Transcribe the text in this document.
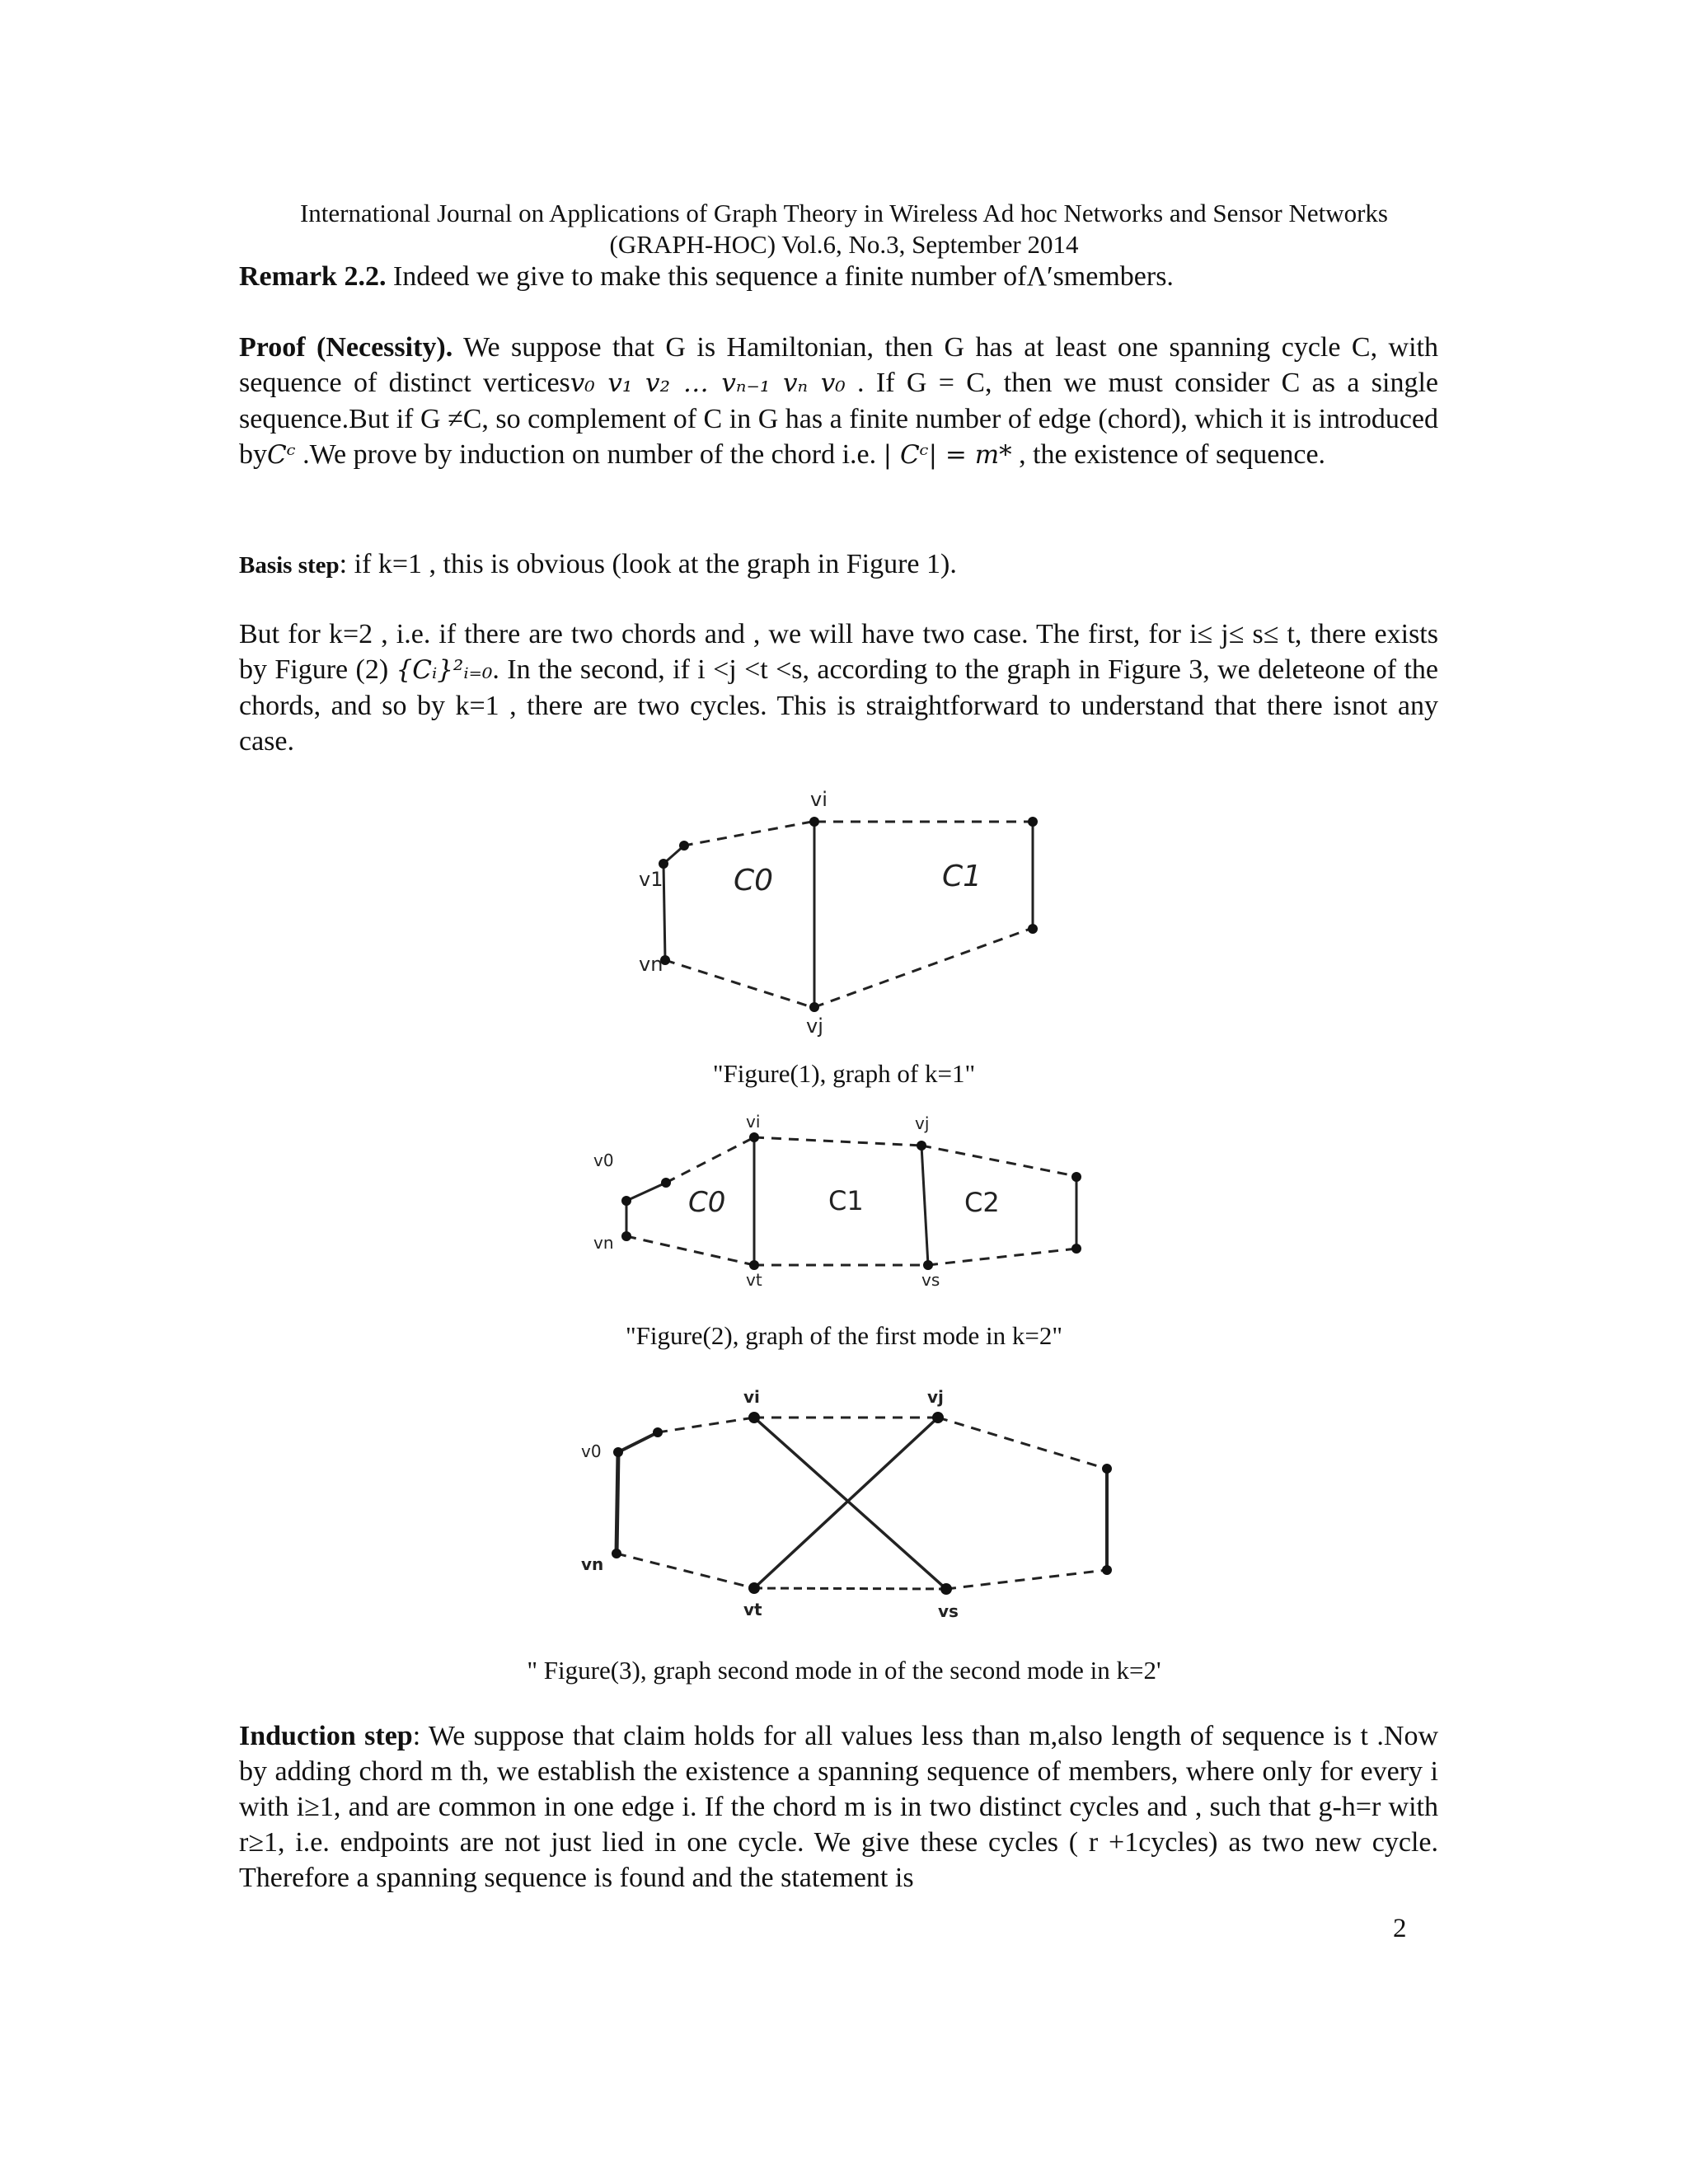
International Journal on Applications of Graph Theory in Wireless Ad hoc Networks and Sensor Networks
(GRAPH-HOC) Vol.6, No.3, September 2014
Remark 2.2. Indeed we give to make this sequence a finite number ofΛ′smembers.
Proof (Necessity). We suppose that G is Hamiltonian, then G has at least one spanning cycle C, with sequence of distinct verticesv₀ v₁ v₂ … vₙ₋₁ vₙ v₀ . If G = C, then we must consider C as a single sequence.But if G ≠C, so complement of C in G has a finite number of edge (chord), which it is introduced byCᶜ .We prove by induction on number of the chord i.e. | Cᶜ| = m* , the existence of sequence.
Basis step: if k=1 , this is obvious (look at the graph in Figure 1).
But for k=2 , i.e. if there are two chords and , we will have two case. The first, for i≤ j≤ s≤ t, there exists by Figure (2) {Cᵢ}²ᵢ₌₀. In the second, if i <j <t <s, according to the graph in Figure 3, we deleteone of the chords, and so by k=1 , there are two cycles. This is straightforward to understand that there isnot any case.
vi
vj
v1
vn
C0	C1
"Figure(1), graph of k=1"
vi	vj
v0
vn
vt	vs
C0	C1	C2
"Figure(2), graph of the first mode in k=2"
vi	vj
v0
vn
vt	vs
" Figure(3), graph second mode in of the second mode in k=2'
Induction step: We suppose that claim holds for all values less than m,also length of sequence is t .Now by adding chord m th, we establish the existence a spanning sequence of members, where only for every i with i≥1, and are common in one edge i. If the chord m is in two distinct cycles and , such that g-h=r with r≥1, i.e. endpoints are not just lied in one cycle. We give these cycles ( r +1cycles) as two new cycle. Therefore a spanning sequence is found and the statement is
2
